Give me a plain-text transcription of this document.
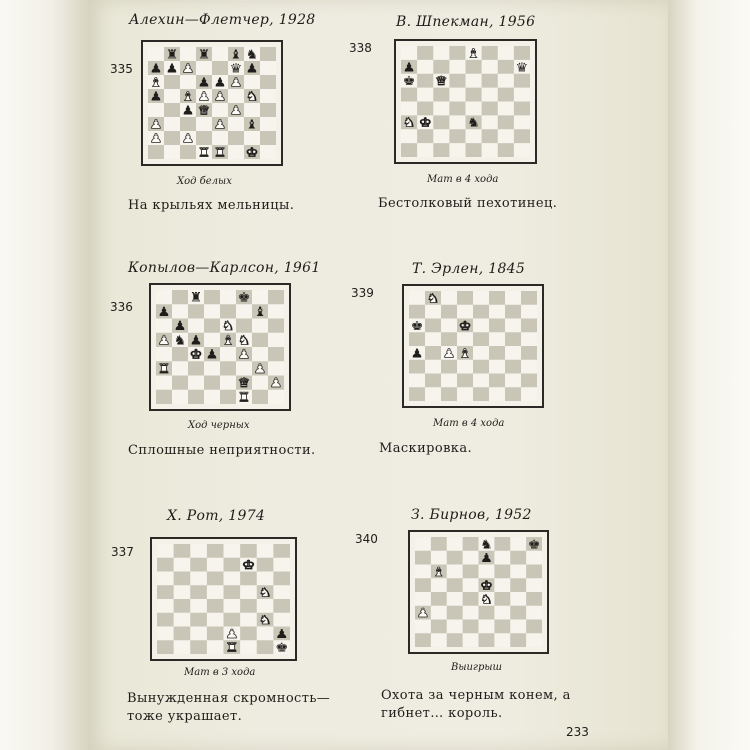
Алехин—Флетчер, 1928
335
Ход белых
На крыльях мельницы.
В. Шпекман, 1956
338
Мат в 4 хода
Бестолковый пехотинец.
Копылов—Карлсон, 1961
336
Ход черных
Сплошные неприятности.
Т. Эрлен, 1845
339
Мат в 4 хода
Маскировка.
Х. Рот, 1974
337
Мат в 3 хода
Вынужденная скромность—
тоже украшает.
З. Бирнов, 1952
340
Выигрыш
Охота за черным конем, а
гибнет… король.
233
